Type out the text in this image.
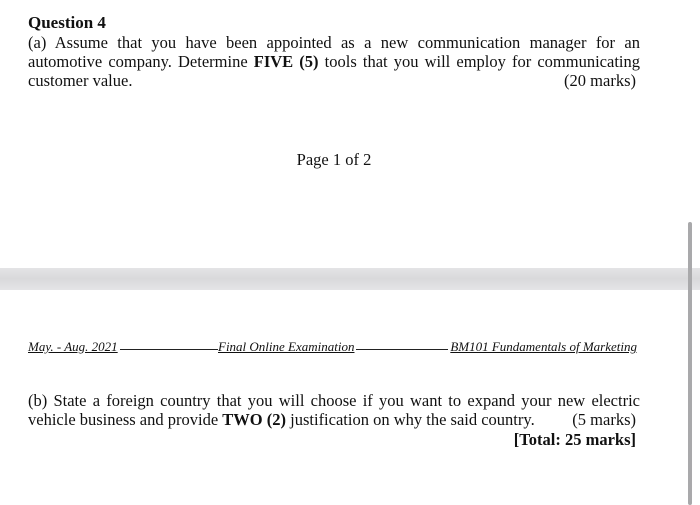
Question 4
(a) Assume that you have been appointed as a new communication manager for an automotive company. Determine FIVE (5) tools that you will employ for communicating customer value.	(20 marks)
Page 1 of 2
May. - Aug. 2021	Final Online Examination	BM101 Fundamentals of Marketing
(b) State a foreign country that you will choose if you want to expand your new electric vehicle business and provide TWO (2) justification on why the said country.	(5 marks)
[Total: 25 marks]
